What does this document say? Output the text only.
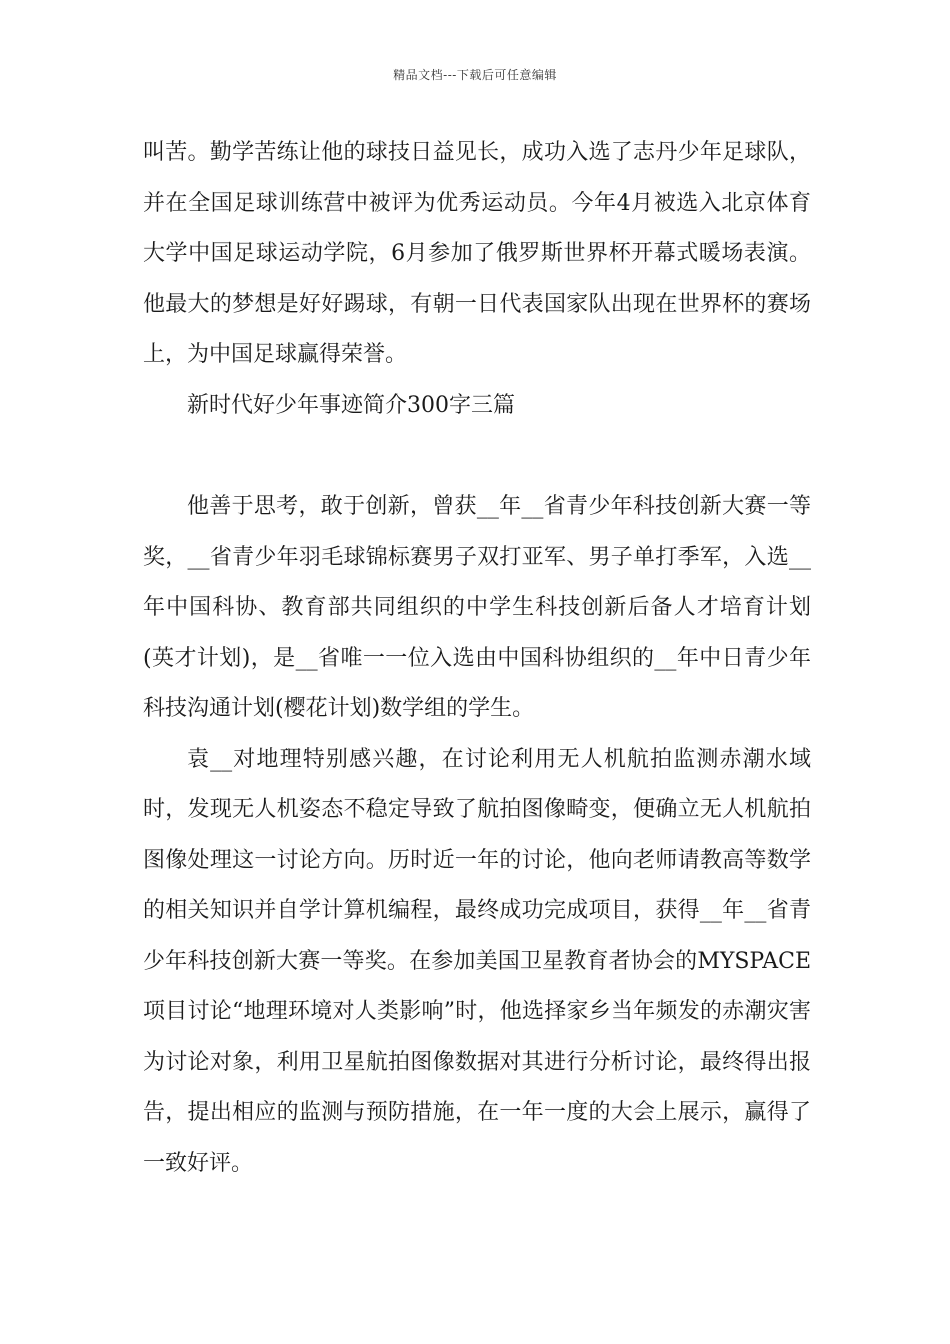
精品文档---下载后可任意编辑

叫苦。勤学苦练让他的球技日益见长，成功入选了志丹少年足球队，并在全国足球训练营中被评为优秀运动员。今年4月被选入北京体育大学中国足球运动学院，6月参加了俄罗斯世界杯开幕式暖场表演。他最大的梦想是好好踢球，有朝一日代表国家队出现在世界杯的赛场上，为中国足球赢得荣誉。

新时代好少年事迹简介300字三篇

他善于思考，敢于创新，曾获__年__省青少年科技创新大赛一等奖，__省青少年羽毛球锦标赛男子双打亚军、男子单打季军，入选__年中国科协、教育部共同组织的中学生科技创新后备人才培育计划(英才计划)，是__省唯一一位入选由中国科协组织的__年中日青少年科技沟通计划(樱花计划)数学组的学生。

袁__对地理特别感兴趣，在讨论利用无人机航拍监测赤潮水域时，发现无人机姿态不稳定导致了航拍图像畸变，便确立无人机航拍图像处理这一讨论方向。历时近一年的讨论，他向老师请教高等数学的相关知识并自学计算机编程，最终成功完成项目，获得__年__省青少年科技创新大赛一等奖。在参加美国卫星教育者协会的MYSPACE项目讨论“地理环境对人类影响”时，他选择家乡当年频发的赤潮灾害为讨论对象，利用卫星航拍图像数据对其进行分析讨论，最终得出报告，提出相应的监测与预防措施，在一年一度的大会上展示，赢得了一致好评。
